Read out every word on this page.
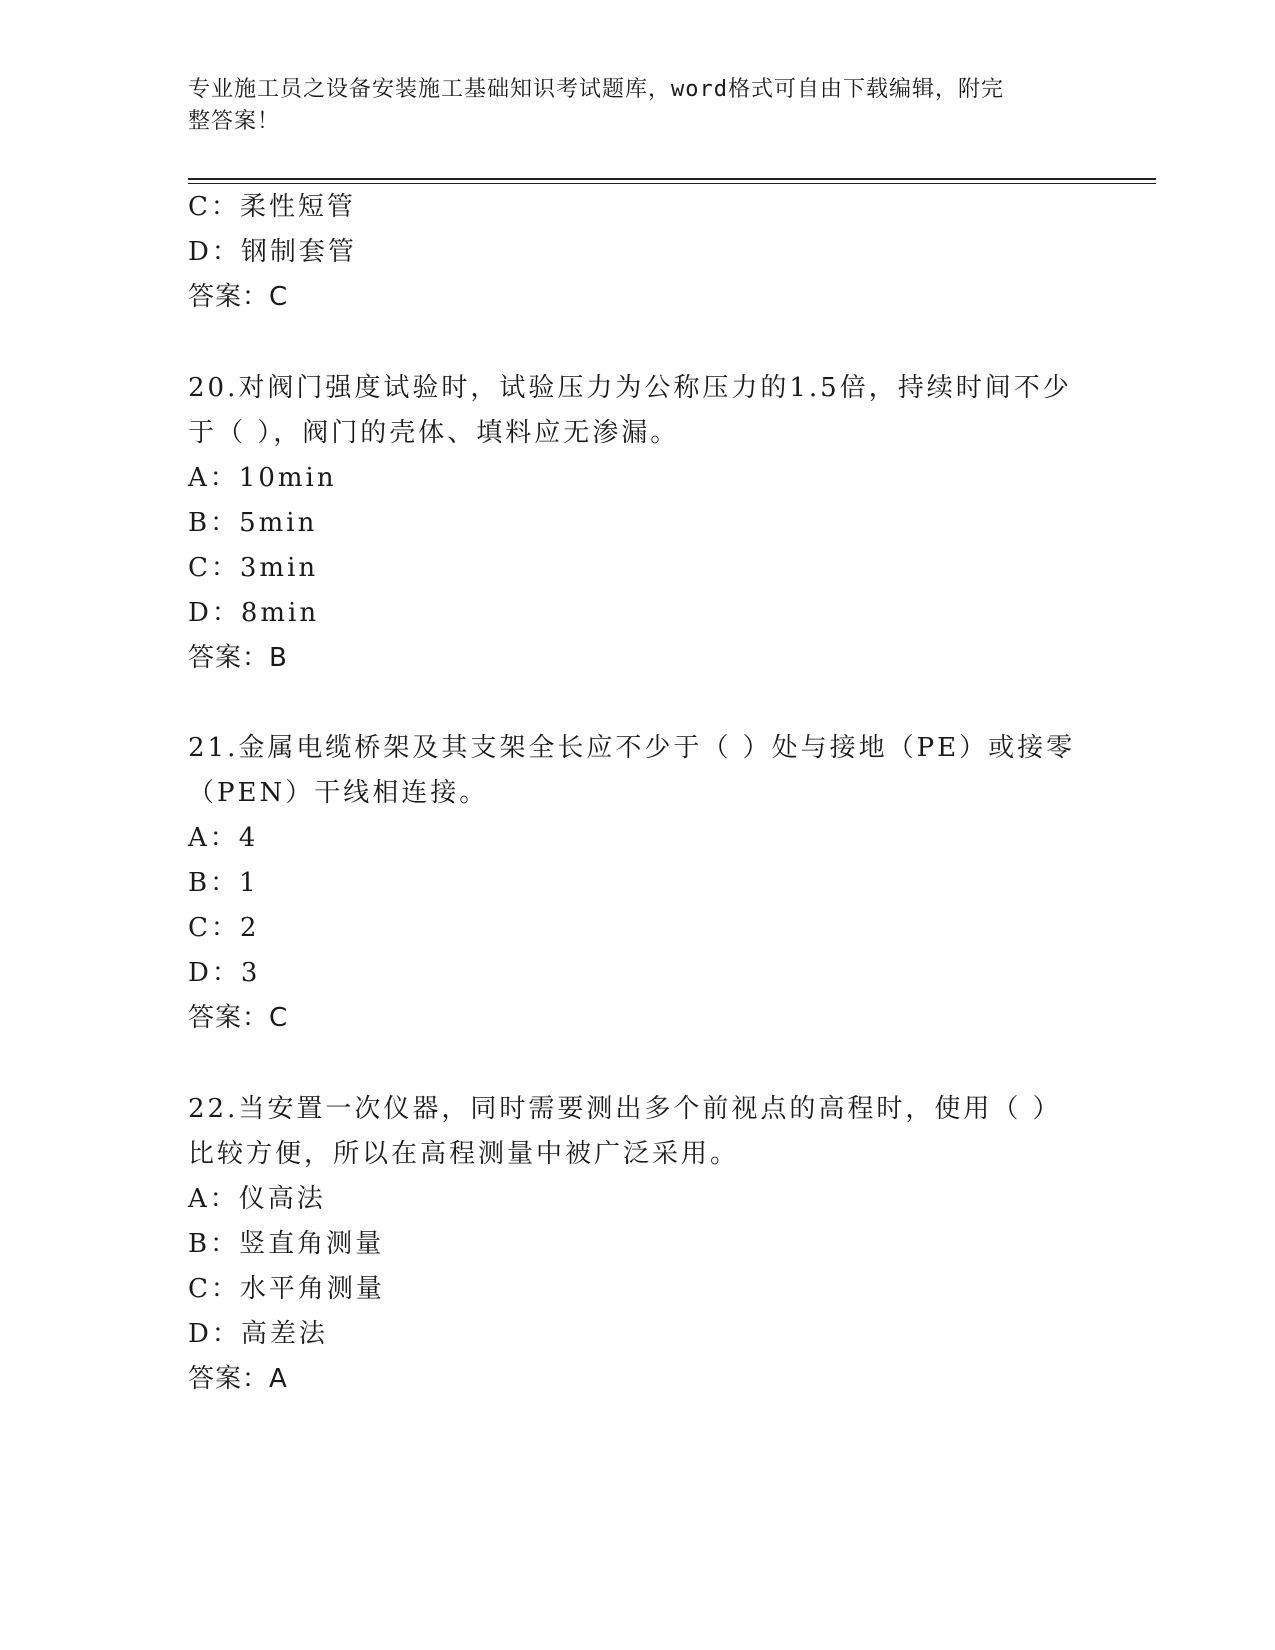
专业施工员之设备安装施工基础知识考试题库，word格式可自由下载编辑，附完
整答案！
C：柔性短管
D：钢制套管
答案：C
20.对阀门强度试验时，试验压力为公称压力的1.5倍，持续时间不少
于（ ），阀门的壳体、填料应无渗漏。
A：10min
B：5min
C：3min
D：8min
答案：B
21.金属电缆桥架及其支架全长应不少于（ ）处与接地（PE）或接零
（PEN）干线相连接。
A：4
B：1
C：2
D：3
答案：C
22.当安置一次仪器，同时需要测出多个前视点的高程时，使用（ ）
比较方便，所以在高程测量中被广泛采用。
A：仪高法
B：竖直角测量
C：水平角测量
D：高差法
答案：A
